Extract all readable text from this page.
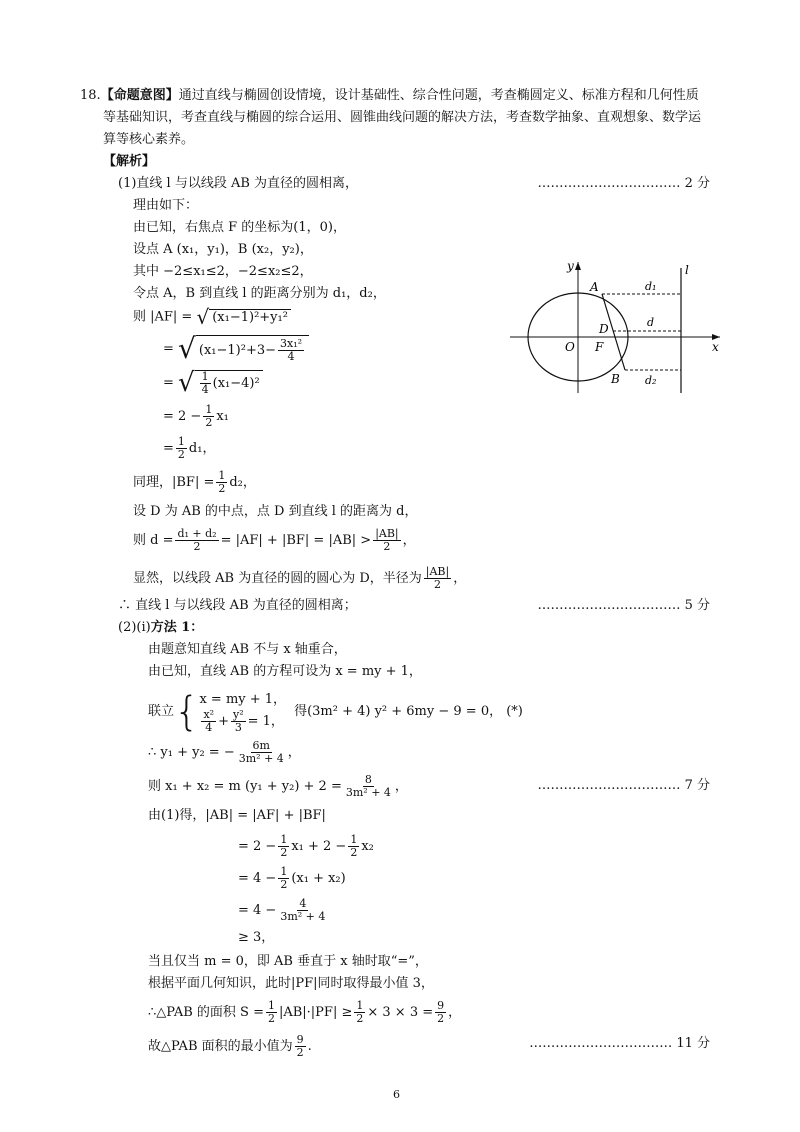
18.【命题意图】通过直线与椭圆创设情境，设计基础性、综合性问题，考查椭圆定义、标准方程和几何性质
等基础知识，考查直线与椭圆的综合运用、圆锥曲线问题的解决方法，考查数学抽象、直观想象、数学运
算等核心素养。
【解析】
(1)直线 l 与以线段 AB 为直径的圆相离，	…………………………… 2 分
理由如下：
由已知，右焦点 F 的坐标为(1，0)，
设点 A (x₁，y₁)，B (x₂，y₂)，
其中 −2≤x₁≤2，−2≤x₂≤2，
令点 A，B 到直线 l 的距离分别为 d₁，d₂，
则 |AF| = √ (x₁−1)²+y₁²
= √ $(x_1-1)^2+3- \frac{\text{3x₁²}}{4}$
= √ $\frac{1}{4} (x_1-4)^2$
= $2 - \frac{1}{2} x_1$
= $\frac{1}{2} d_1$，
同理，$|BF| = \frac{1}{2} d_2$，
设 D 为 AB 的中点，点 D 到直线 l 的距离为 d，
则 $d = \frac{\text{d₁ + d₂}}{2} = |AF| + |BF| = |AB| > \frac{|AB|}{2}$ ，
显然，以线段 AB 为直径的圆的圆心为 D，半径为 $\frac{|AB|}{2}$ ，
∴ 直线 l 与以线段 AB 为直径的圆相离；	…………………………… 5 分
(2)(ⅰ)方法 1：
由题意知直线 AB 不与 x 轴重合，
由已知，直线 AB 的方程可设为 x = my + 1，
联立 { x = my + 1，
$\frac{\text{x²}}{4} + \frac{\text{y²}}{3} = 1$，
得(3m² + 4) y² + 6my − 9 = 0， (*)
∴ y₁ + y₂ = − $\frac{6m}{\text{3m² + 4}}$ ，
则 x₁ + x₂ = m $(y_1 + y_2) + 2 = \frac{8}{\text{3m² + 4}}$ ，	…………………………… 7 分
由(1)得，|AB| = |AF| + |BF|
= $2 - \frac{1}{2} x_1 + 2 - \frac{1}{2} x_2$
= $4 - \frac{1}{2} (x_1 + x_2)$
= $4 - \frac{4}{\text{3m² + 4}}$
≥ 3，
当且仅当 m = 0，即 AB 垂直于 x 轴时取“=”，
根据平面几何知识，此时|PF|同时取得最小值 3，
∴△PAB 的面积 $S = \frac{1}{2} |AB|\cdot|PF| \ge \frac{1}{2} \times 3 \times 3 = \frac{9}{2}$ ，
故△PAB 面积的最小值为 $\frac{9}{2}$ .	…………………………… 11 分
y
x
l
A
B
D
O F
d₁
d
d₂
6
